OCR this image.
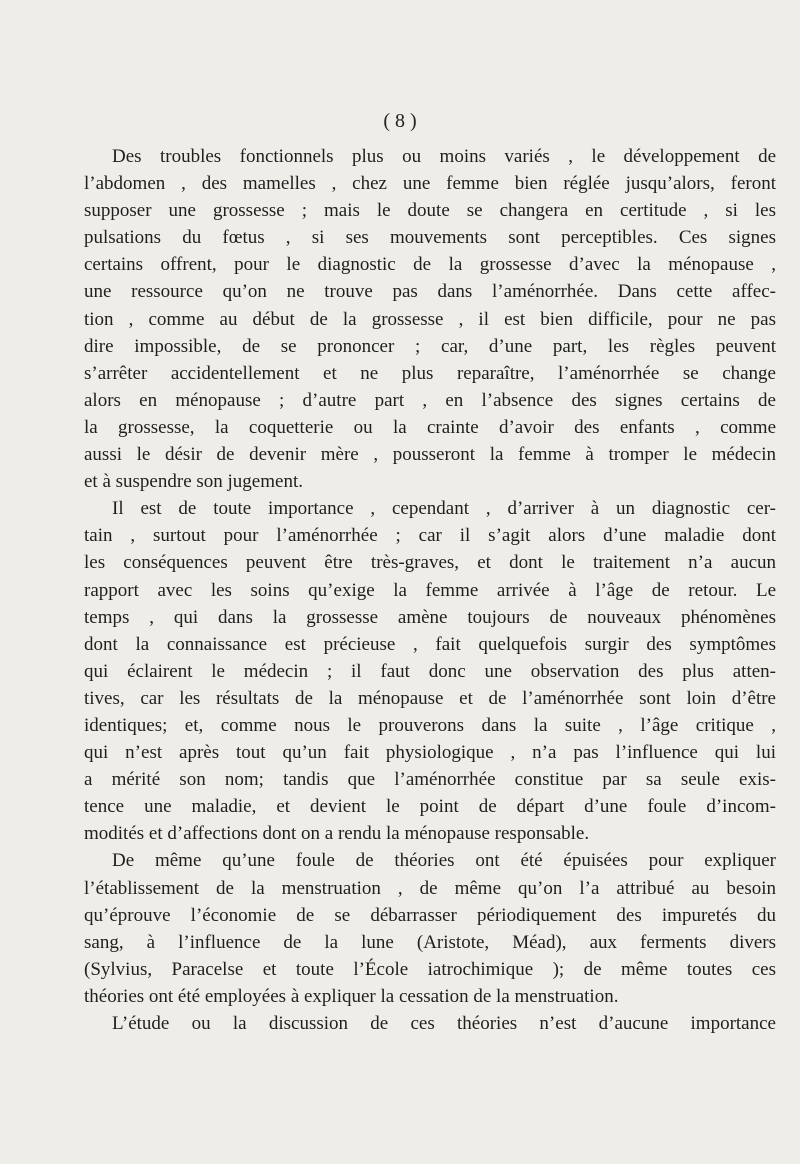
( 8 )
Des troubles fonctionnels plus ou moins variés , le développement de
l’abdomen , des mamelles , chez une femme bien réglée jusqu’alors, feront
supposer une grossesse ; mais le doute se changera en certitude , si les
pulsations du fœtus , si ses mouvements sont perceptibles. Ces signes
certains offrent, pour le diagnostic de la grossesse d’avec la ménopause ,
une ressource qu’on ne trouve pas dans l’aménorrhée. Dans cette affec-
tion , comme au début de la grossesse , il est bien difficile, pour ne pas
dire impossible, de se prononcer ; car, d’une part, les règles peuvent
s’arrêter accidentellement et ne plus reparaître, l’aménorrhée se change
alors en ménopause ; d’autre part , en l’absence des signes certains de
la grossesse, la coquetterie ou la crainte d’avoir des enfants , comme
aussi le désir de devenir mère , pousseront la femme à tromper le médecin
et à suspendre son jugement.
Il est de toute importance , cependant , d’arriver à un diagnostic cer-
tain , surtout pour l’aménorrhée ; car il s’agit alors d’une maladie dont
les conséquences peuvent être très-graves, et dont le traitement n’a aucun
rapport avec les soins qu’exige la femme arrivée à l’âge de retour. Le
temps , qui dans la grossesse amène toujours de nouveaux phénomènes
dont la connaissance est précieuse , fait quelquefois surgir des symptômes
qui éclairent le médecin ; il faut donc une observation des plus atten-
tives, car les résultats de la ménopause et de l’aménorrhée sont loin d’être
identiques; et, comme nous le prouverons dans la suite , l’âge critique ,
qui n’est après tout qu’un fait physiologique , n’a pas l’influence qui lui
a mérité son nom; tandis que l’aménorrhée constitue par sa seule exis-
tence une maladie, et devient le point de départ d’une foule d’incom-
modités et d’affections dont on a rendu la ménopause responsable.
De même qu’une foule de théories ont été épuisées pour expliquer
l’établissement de la menstruation , de même qu’on l’a attribué au besoin
qu’éprouve l’économie de se débarrasser périodiquement des impuretés du
sang, à l’influence de la lune (Aristote, Méad), aux ferments divers
(Sylvius, Paracelse et toute l’École iatrochimique ); de même toutes ces
théories ont été employées à expliquer la cessation de la menstruation.
L’étude ou la discussion de ces théories n’est d’aucune importance
